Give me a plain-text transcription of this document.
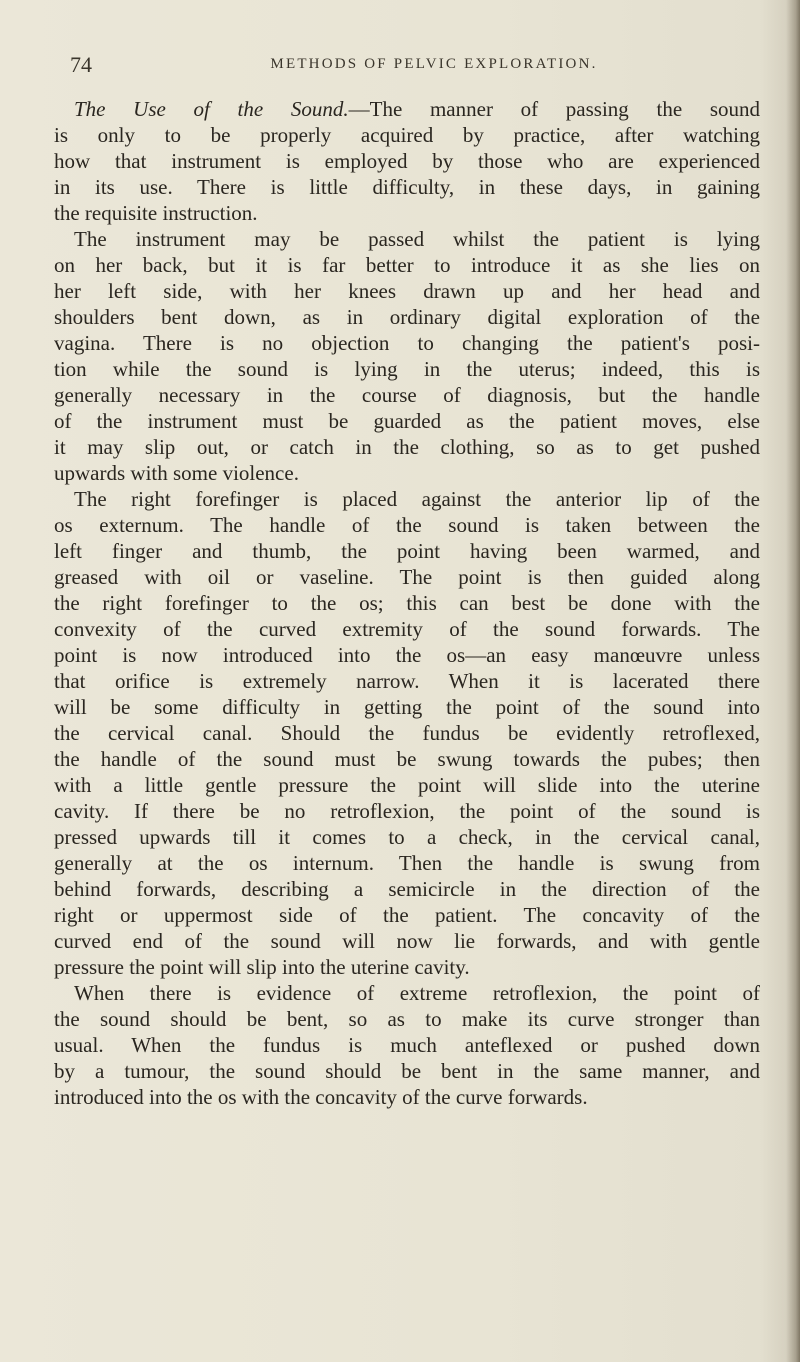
74	METHODS OF PELVIC EXPLORATION.
The Use of the Sound.—The manner of passing the sound
is only to be properly acquired by practice, after watching
how that instrument is employed by those who are experienced
in its use. There is little difficulty, in these days, in gaining
the requisite instruction.
The instrument may be passed whilst the patient is lying
on her back, but it is far better to introduce it as she lies on
her left side, with her knees drawn up and her head and
shoulders bent down, as in ordinary digital exploration of the
vagina. There is no objection to changing the patient's posi-
tion while the sound is lying in the uterus; indeed, this is
generally necessary in the course of diagnosis, but the handle
of the instrument must be guarded as the patient moves, else
it may slip out, or catch in the clothing, so as to get pushed
upwards with some violence.
The right forefinger is placed against the anterior lip of the
os externum. The handle of the sound is taken between the
left finger and thumb, the point having been warmed, and
greased with oil or vaseline. The point is then guided along
the right forefinger to the os; this can best be done with the
convexity of the curved extremity of the sound forwards. The
point is now introduced into the os—an easy manœuvre unless
that orifice is extremely narrow. When it is lacerated there
will be some difficulty in getting the point of the sound into
the cervical canal. Should the fundus be evidently retroflexed,
the handle of the sound must be swung towards the pubes; then
with a little gentle pressure the point will slide into the uterine
cavity. If there be no retroflexion, the point of the sound is
pressed upwards till it comes to a check, in the cervical canal,
generally at the os internum. Then the handle is swung from
behind forwards, describing a semicircle in the direction of the
right or uppermost side of the patient. The concavity of the
curved end of the sound will now lie forwards, and with gentle
pressure the point will slip into the uterine cavity.
When there is evidence of extreme retroflexion, the point of
the sound should be bent, so as to make its curve stronger than
usual. When the fundus is much anteflexed or pushed down
by a tumour, the sound should be bent in the same manner, and
introduced into the os with the concavity of the curve forwards.
